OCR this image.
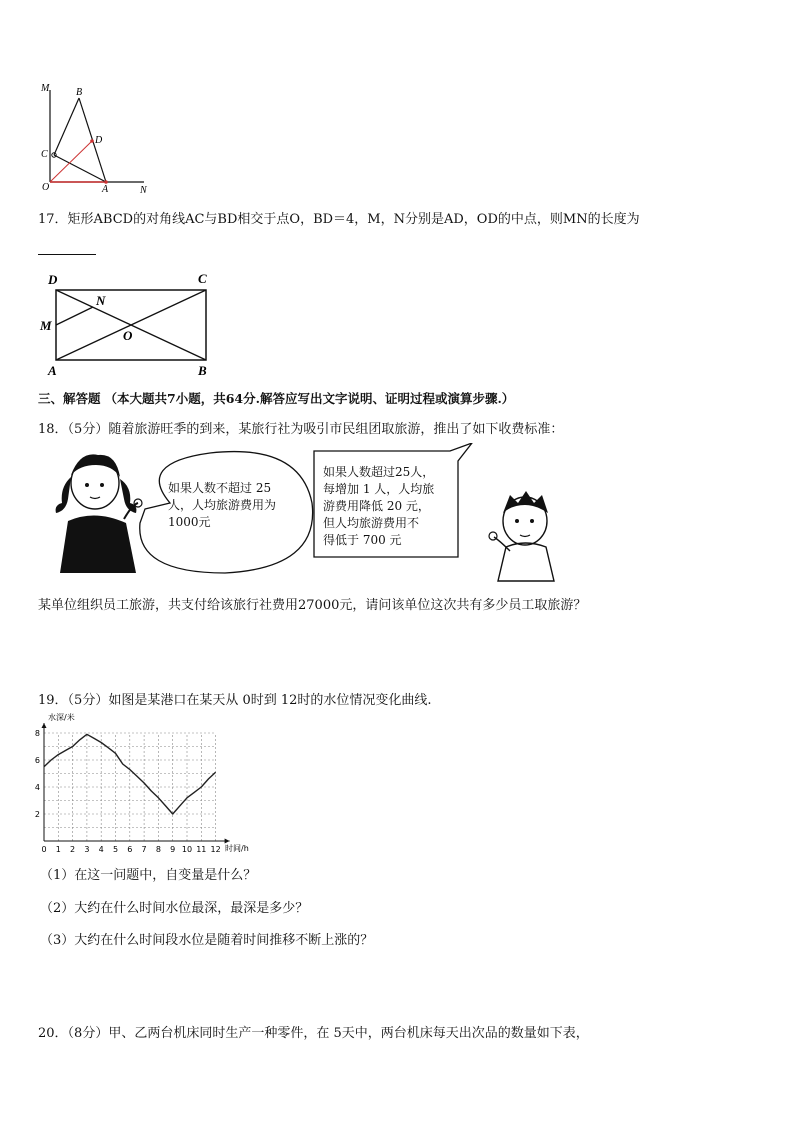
M	B
D
C
O	A	N
17．矩形ABCD的对角线AC与BD相交于点O，BD＝4，M，N分别是AD，OD的中点，则MN的长度为
D	C
N
M
O
A	B
三、解答题 （本大题共7小题，共64分.解答应写出文字说明、证明过程或演算步骤.）
18．（5分）随着旅游旺季的到来，某旅行社为吸引市民组团取旅游，推出了如下收费标准：
如果人数不超过 25
人，人均旅游费用为
1000元
如果人数超过25人，
每增加 1 人，人均旅
游费用降低 20 元，
但人均旅游费用不
得低于 700 元
某单位组织员工旅游，共支付给该旅行社费用27000元，请问该单位这次共有多少员工取旅游？
19．（5分）如图是某港口在某天从 0时到 12时的水位情况变化曲线.
0 1 2 3 4 5 6 7 8 9 10 11 12
2
4
6
8
水深/米
时间/h
（1）在这一问题中，自变量是什么？
（2）大约在什么时间水位最深，最深是多少？
（3）大约在什么时间段水位是随着时间推移不断上涨的？
20．（8分）甲、乙两台机床同时生产一种零件，在 5天中，两台机床每天出次品的数量如下表，
